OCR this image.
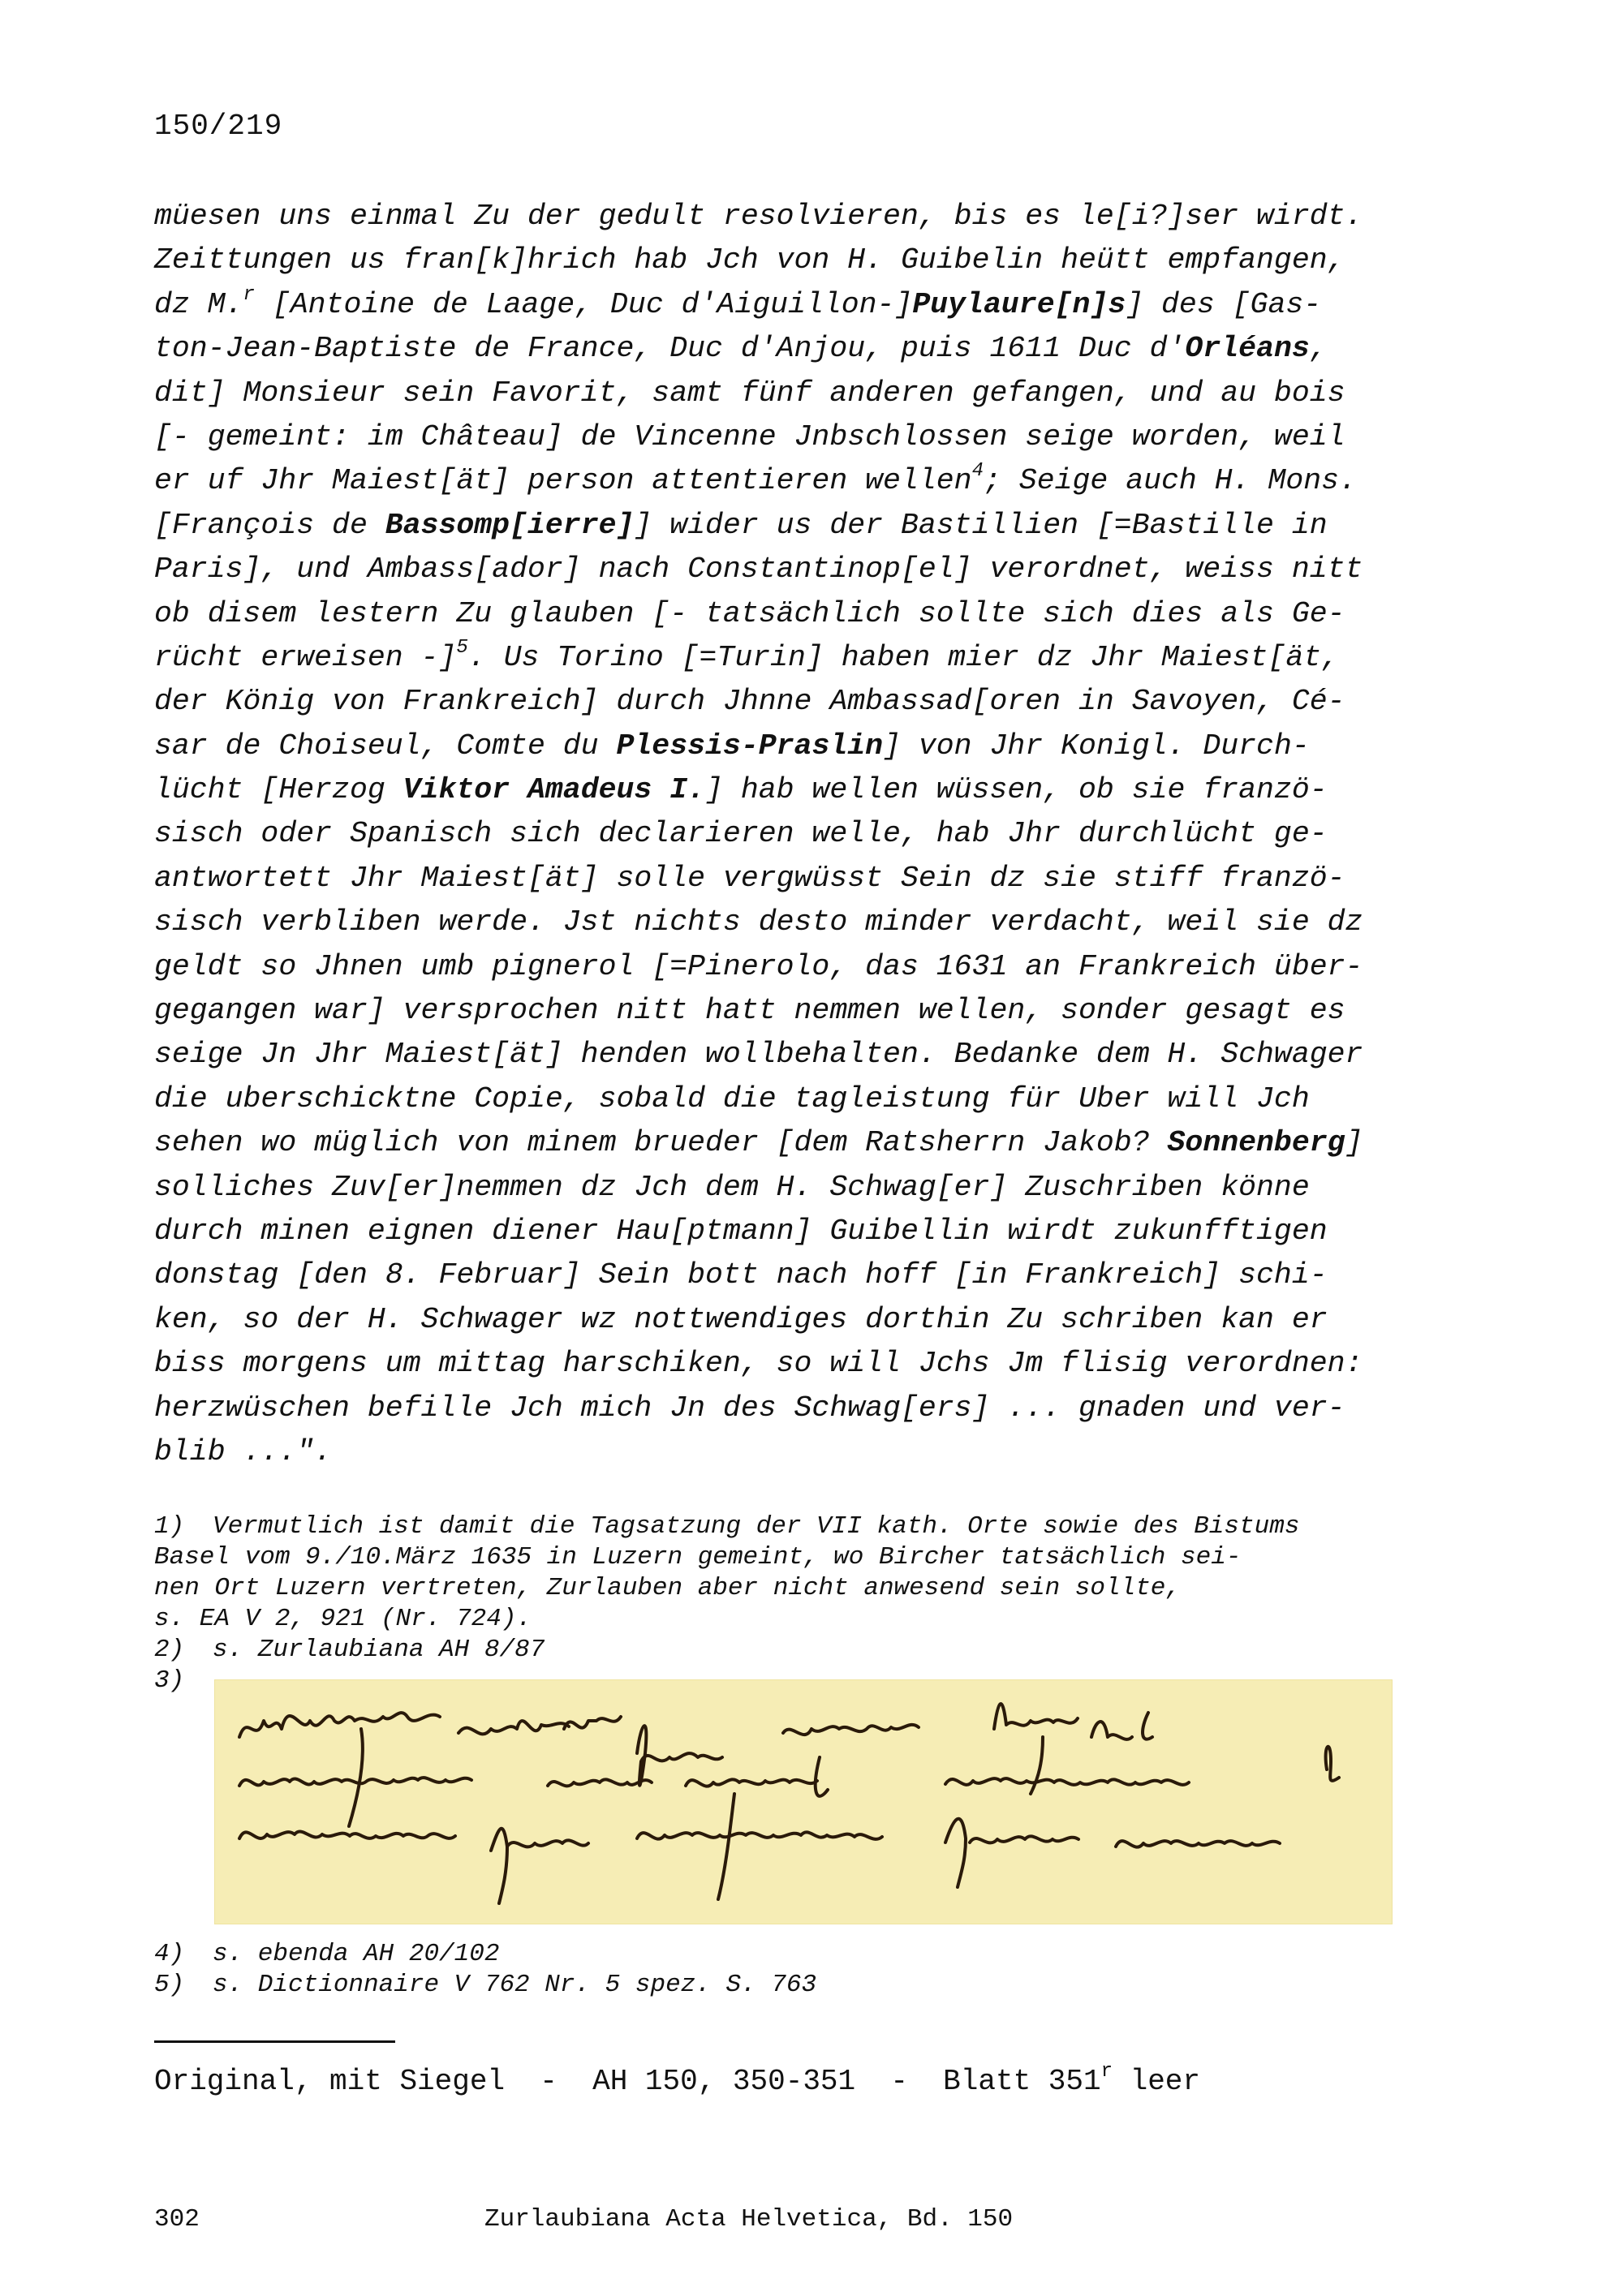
150/219
müesen uns einmal Zu der gedult resolvieren, bis es le[i?]ser wirdt.
Zeittungen us fran[k]hrich hab Jch von H. Guibelin heütt empfangen,
dz M.$^r$ [Antoine de Laage, Duc d'Aiguillon-]Puylaure[n]s] des [Gas-
ton-Jean-Baptiste de France, Duc d'Anjou, puis 1611 Duc d'Orléans,
dit] Monsieur sein Favorit, samt fünf anderen gefangen, und au bois
[- gemeint: im Château] de Vincenne Jnbschlossen seige worden, weil
er uf Jhr Maiest[ät] person attentieren wellen$^4$; Seige auch H. Mons.
[François de Bassomp[ierre]] wider us der Bastillien [=Bastille in
Paris], und Ambass[ador] nach Constantinop[el] verordnet, weiss nitt
ob disem lestern Zu glauben [- tatsächlich sollte sich dies als Ge-
rücht erweisen -]$^5$. Us Torino [=Turin] haben mier dz Jhr Maiest[ät,
der König von Frankreich] durch Jhnne Ambassad[oren in Savoyen, Cé-
sar de Choiseul, Comte du Plessis-Praslin] von Jhr Konigl. Durch-
lücht [Herzog Viktor Amadeus I.] hab wellen wüssen, ob sie franzö-
sisch oder Spanisch sich declarieren welle, hab Jhr durchlücht ge-
antwortett Jhr Maiest[ät] solle vergwüsst Sein dz sie stiff franzö-
sisch verbliben werde. Jst nichts desto minder verdacht, weil sie dz
geldt so Jhnen umb pignerol [=Pinerolo, das 1631 an Frankreich über-
gegangen war] versprochen nitt hatt nemmen wellen, sonder gesagt es
seige Jn Jhr Maiest[ät] henden wollbehalten. Bedanke dem H. Schwager
die uberschicktne Copie, sobald die tagleistung für Uber will Jch
sehen wo müglich von minem brueder [dem Ratsherrn Jakob? Sonnenberg]
solliches Zuv[er]nemmen dz Jch dem H. Schwag[er] Zuschriben könne
durch minen eignen diener Hau[ptmann] Guibellin wirdt zukunfftigen
donstag [den 8. Februar] Sein bott nach hoff [in Frankreich] schi-
ken, so der H. Schwager wz nottwendiges dorthin Zu schriben kan er
biss morgens um mittag harschiken, so will Jchs Jm flisig verordnen:
herzwüschen befille Jch mich Jn des Schwag[ers] ... gnaden und ver-
blib ...".
1) Vermutlich ist damit die Tagsatzung der VII kath. Orte sowie des Bistums
Basel vom 9./10.März 1635 in Luzern gemeint, wo Bircher tatsächlich sei-
nen Ort Luzern vertreten, Zurlauben aber nicht anwesend sein sollte,
s. EA V 2, 921 (Nr. 724).
2) s. Zurlaubiana AH 8/87
3)
4) s. ebenda AH 20/102
5) s. Dictionnaire V 762 Nr. 5 spez. S. 763
Original, mit Siegel  -  AH 150, 350-351  -  Blatt 351$^r$ leer
302	Zurlaubiana Acta Helvetica, Bd. 150
